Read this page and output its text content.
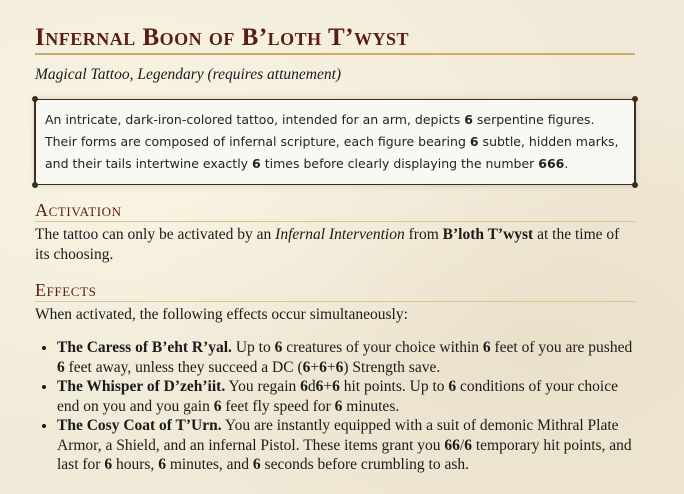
Infernal Boon of B’loth T’wyst
Magical Tattoo, Legendary (requires attunement)
An intricate, dark-iron-colored tattoo, intended for an arm, depicts 6 serpentine figures. Their forms are composed of infernal scripture, each figure bearing 6 subtle, hidden marks, and their tails intertwine exactly 6 times before clearly displaying the number 666.
Activation
The tattoo can only be activated by an Infernal Intervention from B’loth T’wyst at the time of its choosing.
Effects
When activated, the following effects occur simultaneously:
• The Caress of B’eht R’yal. Up to 6 creatures of your choice within 6 feet of you are pushed 6 feet away, unless they succeed a DC (6+6+6) Strength save.
• The Whisper of D’zeh’iit. You regain 6d6+6 hit points. Up to 6 conditions of your choice end on you and you gain 6 feet fly speed for 6 minutes.
• The Cosy Coat of T’Urn. You are instantly equipped with a suit of demonic Mithral Plate Armor, a Shield, and an infernal Pistol. These items grant you 66/6 temporary hit points, and last for 6 hours, 6 minutes, and 6 seconds before crumbling to ash.
